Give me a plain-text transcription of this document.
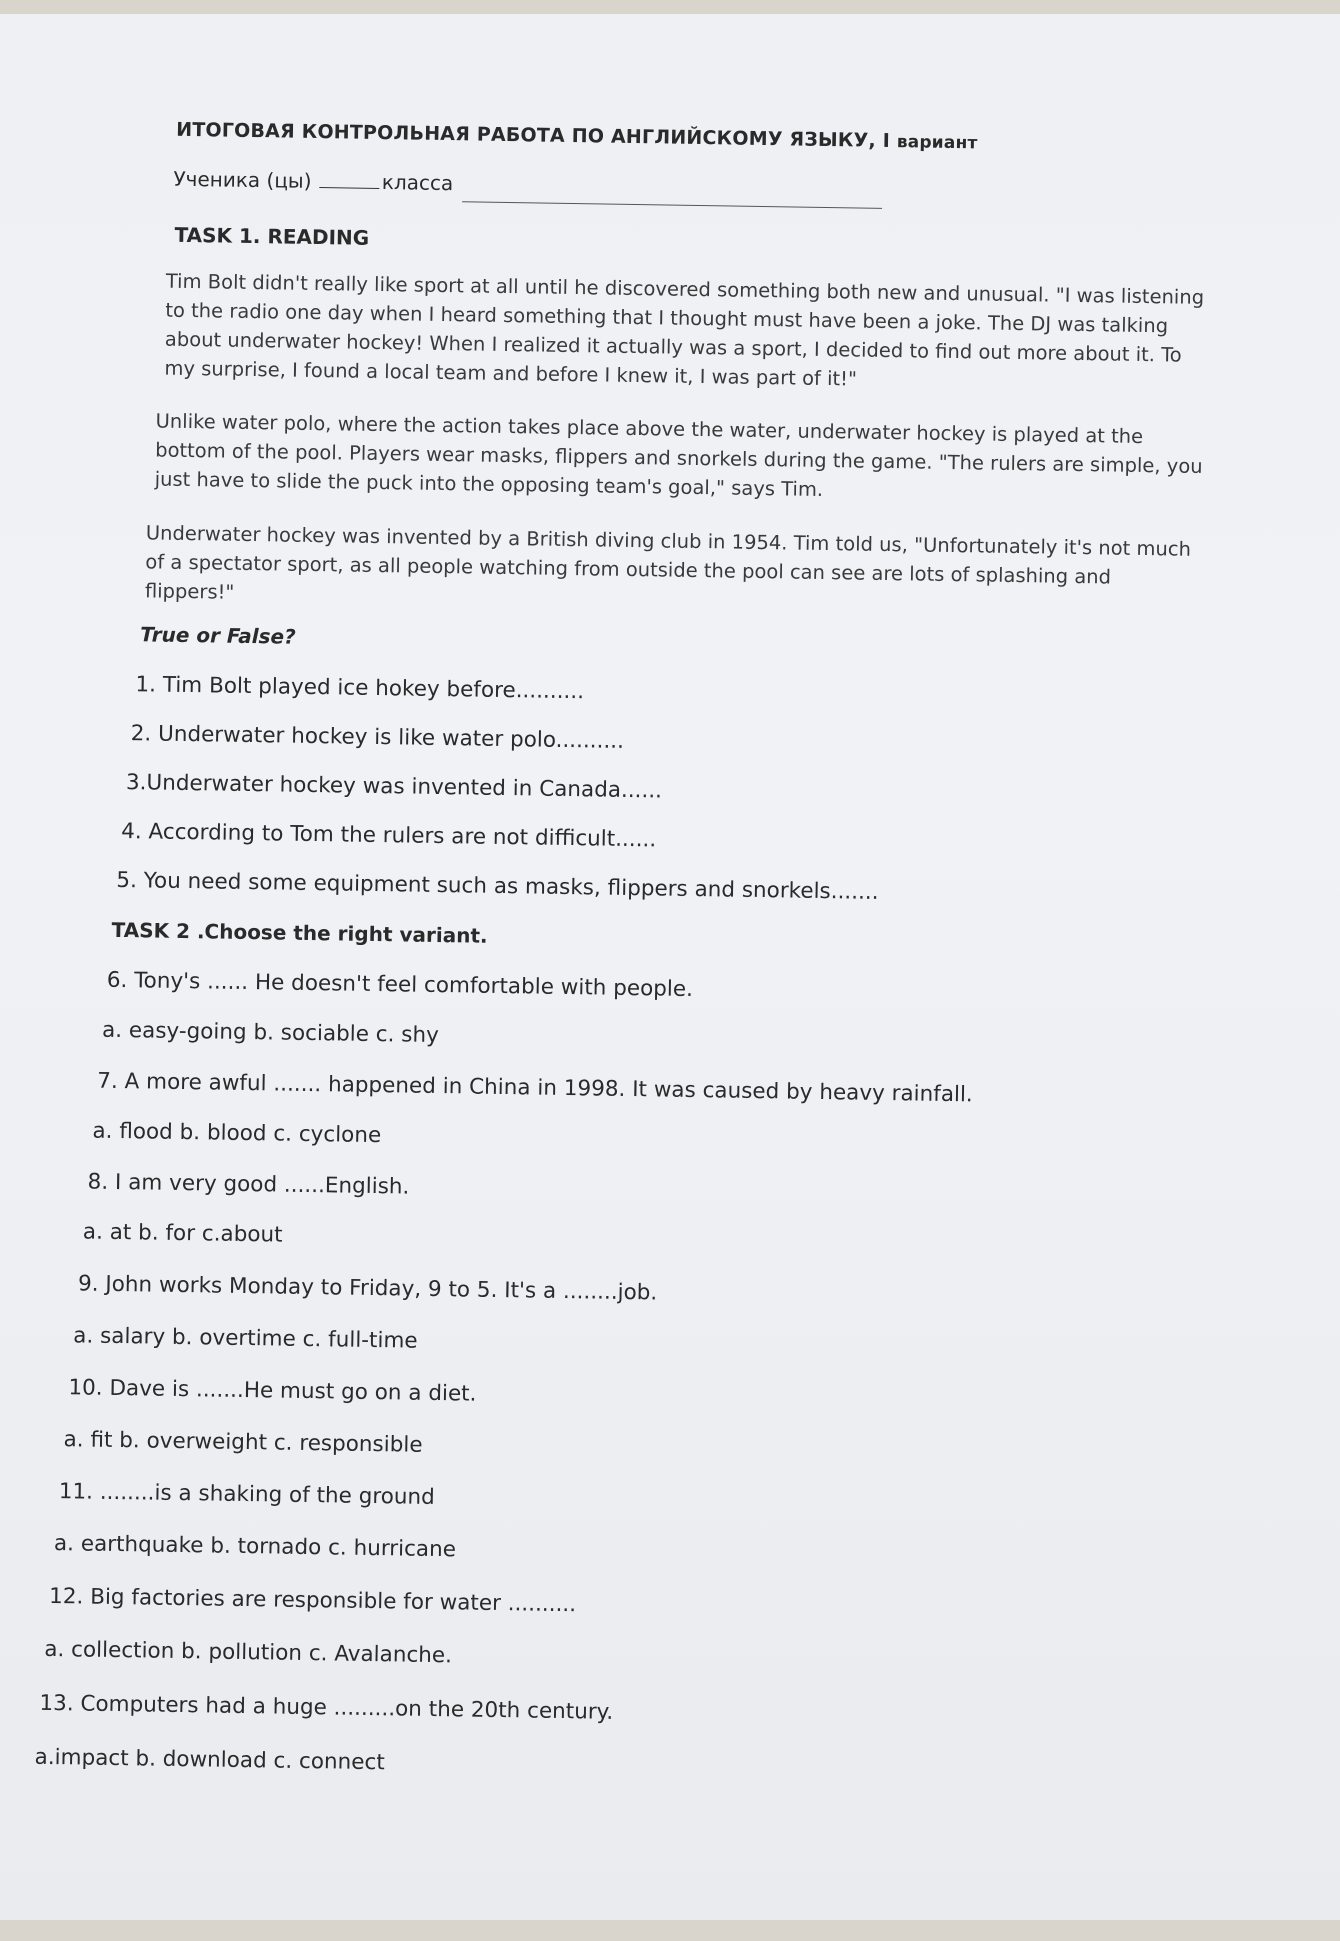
ИТОГОВАЯ КОНТРОЛЬНАЯ РАБОТА ПО АНГЛИЙСКОМУ ЯЗЫКУ, I вариант

Ученика (цы)	класса

TASK 1. READING

Tim Bolt didn't really like sport at all until he discovered something both new and unusual. "I was listening to the radio one day when I heard something that I thought must have been a joke. The DJ was talking about underwater hockey! When I realized it actually was a sport, I decided to find out more about it. To my surprise, I found a local team and before I knew it, I was part of it!"

Unlike water polo, where the action takes place above the water, underwater hockey is played at the bottom of the pool. Players wear masks, flippers and snorkels during the game. "The rulers are simple, you just have to slide the puck into the opposing team's goal," says Tim.

Underwater hockey was invented by a British diving club in 1954. Tim told us, "Unfortunately it's not much of a spectator sport, as all people watching from outside the pool can see are lots of splashing and flippers!"

True or False?

1. Tim Bolt played ice hokey before..........

2. Underwater hockey is like water polo..........

3.Underwater hockey was invented in Canada......

4. According to Tom the rulers are not difficult......

5. You need some equipment such as masks, flippers and snorkels.......

TASK 2 .Choose the right variant.

6. Tony's ...... He doesn't feel comfortable with people.

a. easy-going b. sociable c. shy

7. A more awful ....... happened in China in 1998. It was caused by heavy rainfall.

a. flood b. blood c. cyclone

8. I am very good ......English.

a. at b. for c.about

9. John works Monday to Friday, 9 to 5. It's a ........job.

a. salary b. overtime c. full-time

10. Dave is .......He must go on a diet.

a. fit b. overweight c. responsible

11. ........is a shaking of the ground

a. earthquake b. tornado c. hurricane

12. Big factories are responsible for water ..........

a. collection b. pollution c. Avalanche.

13. Computers had a huge .........on the 20th century.

a.impact b. download c. connect
